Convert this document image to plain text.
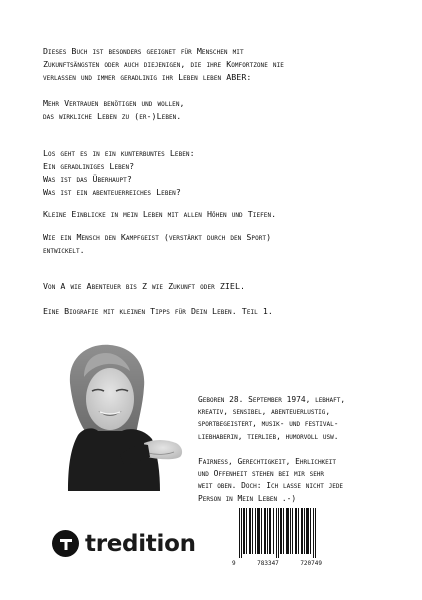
Dieses Buch ist besonders geeignet für Menschen mit

Zukunftsängsten oder auch diejenigen, die ihre Komfortzone nie

verlassen und immer geradlinig ihr Leben leben ABER:

Mehr Vertrauen benötigen und wollen,

das wirkliche Leben zu (er-)Leben.

Los geht es in ein kunterbuntes Leben:

Ein geradliniges Leben?

Was ist das Überhaupt?

Was ist ein abenteuerreiches Leben?

Kleine Einblicke in mein Leben mit allen Höhen und Tiefen.

Wie ein Mensch den Kampfgeist (verstärkt durch den Sport)

entwickelt.

Von A wie Abenteuer bis Z wie Zukunft oder ZIEL.

Eine Biografie mit kleinen Tipps für Dein Leben. Teil 1.

Geboren 28. September 1974, lebhaft,

kreativ, sensibel, abenteuerlustig,

sportbegeistert, musik- und festival-

liebhaberin, tierlieb, humorvoll usw.

Fairness, Gerechtigkeit, Ehrlichkeit

und Offenheit stehen bei mir sehr

weit oben. Doch: Ich lasse nicht jede

Person in Mein Leben .-)

tredition
9	783347	720749
